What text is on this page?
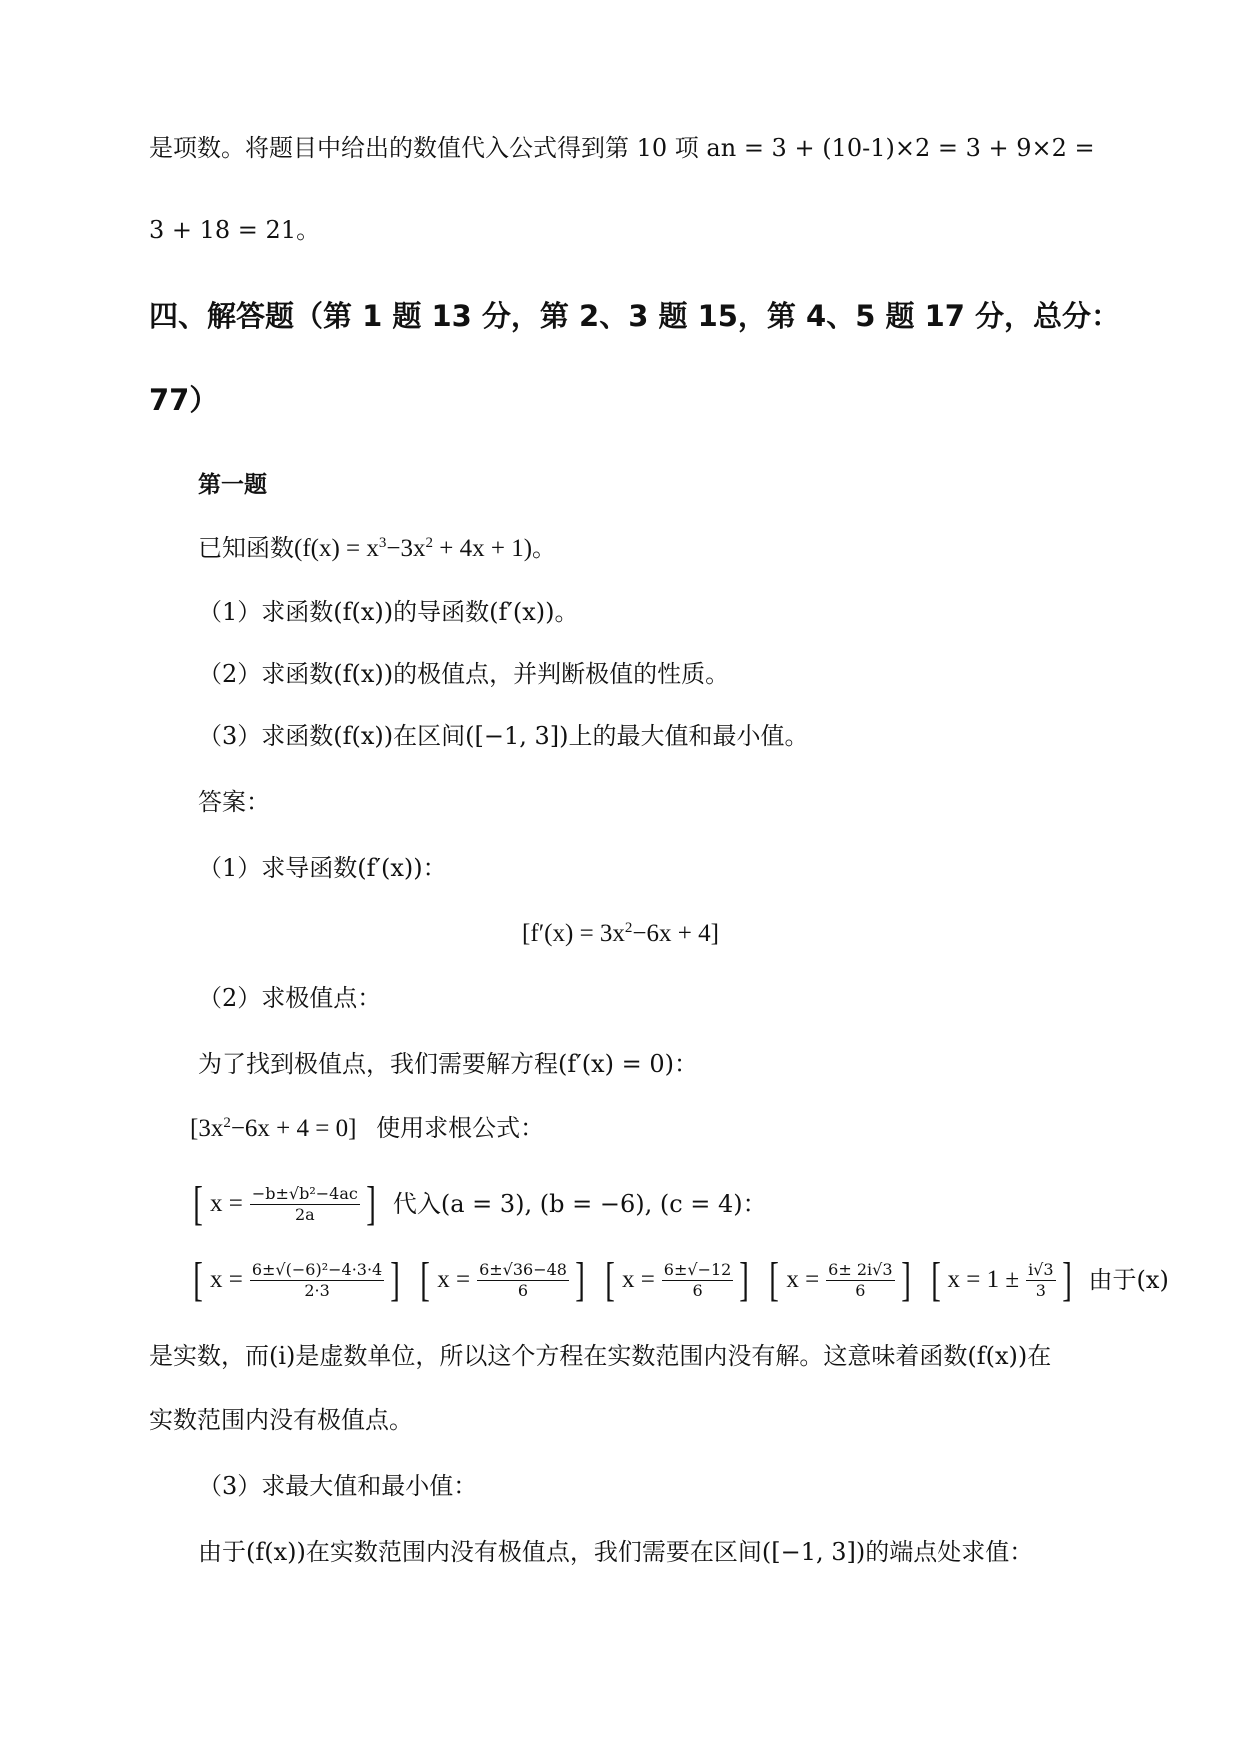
是项数。将题目中给出的数值代入公式得到第 10 项 an = 3 + (10-1)×2 = 3 + 9×2 =
3 + 18 = 21。
四、解答题（第 1 题 13 分，第 2、3 题 15，第 4、5 题 17 分，总分：
77）
第一题
已知函数$(f(x) = x^3-3x^2 + 4x + 1)$。
（1）求函数(f(x))的导函数(f′(x))。
（2）求函数(f(x))的极值点，并判断极值的性质。
（3）求函数(f(x))在区间([−1, 3])上的最大值和最小值。
答案：
（1）求导函数(f′(x))：
$[f'(x) = 3x^2-6x + 4]$
（2）求极值点：
为了找到极值点，我们需要解方程(f′(x) = 0)：
$[3x^2-6x + 4 = 0]$ 使用求根公式：
[ $x = \frac{\text{−b±√b²−4ac}}{2a}$ ] 代入(a = 3), (b = −6), (c = 4)：
[ $x = \frac{\text{6±√(−6)²−4·3·4}}{2\cdot 3}$ ] [ $x = \frac{6\pm√36-48}{6}$ ] [ $x = \frac{6\pm√-12}{6}$ ] [ $x = \frac{6\pm 2i√3}{6}$ ] [ $x = 1 \pm \frac{i√3}{3}$ ] 由于(x)
是实数，而(i)是虚数单位，所以这个方程在实数范围内没有解。这意味着函数(f(x))在
实数范围内没有极值点。
（3）求最大值和最小值：
由于(f(x))在实数范围内没有极值点，我们需要在区间([−1, 3])的端点处求值：
